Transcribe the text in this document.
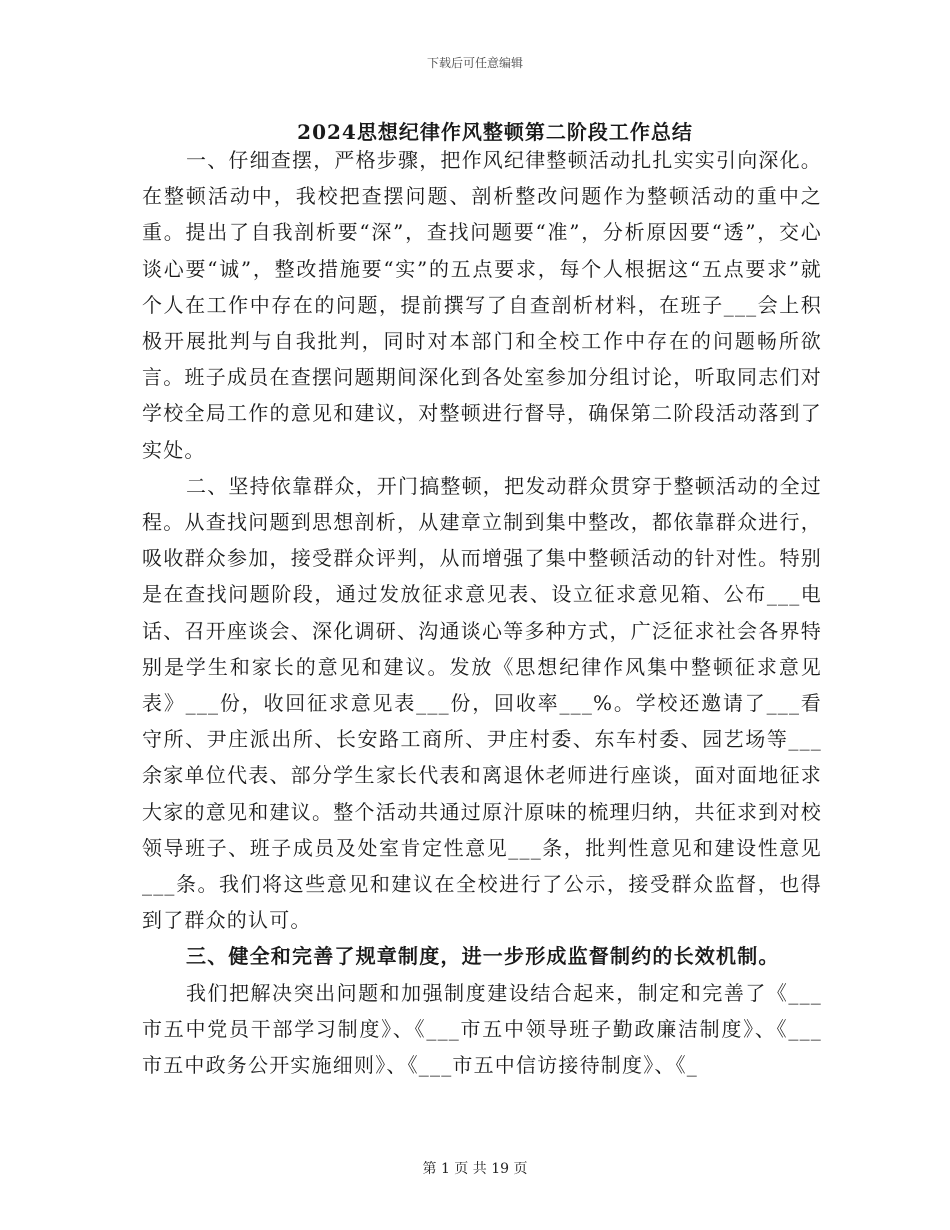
下载后可任意编辑
2024思想纪律作风整顿第二阶段工作总结

一、仔细查摆，严格步骤，把作风纪律整顿活动扎扎实实引向深化。在整顿活动中，我校把查摆问题、剖析整改问题作为整顿活动的重中之重。提出了自我剖析要“深”，查找问题要“准”，分析原因要“透”，交心谈心要“诚”，整改措施要“实”的五点要求，每个人根据这“五点要求”就个人在工作中存在的问题，提前撰写了自查剖析材料，在班子___会上积极开展批判与自我批判，同时对本部门和全校工作中存在的问题畅所欲言。班子成员在查摆问题期间深化到各处室参加分组讨论，听取同志们对学校全局工作的意见和建议，对整顿进行督导，确保第二阶段活动落到了实处。

二、坚持依靠群众，开门搞整顿，把发动群众贯穿于整顿活动的全过程。从查找问题到思想剖析，从建章立制到集中整改，都依靠群众进行，吸收群众参加，接受群众评判，从而增强了集中整顿活动的针对性。特别是在查找问题阶段，通过发放征求意见表、设立征求意见箱、公布___电话、召开座谈会、深化调研、沟通谈心等多种方式，广泛征求社会各界特别是学生和家长的意见和建议。发放《思想纪律作风集中整顿征求意见表》___份，收回征求意见表___份，回收率___%。学校还邀请了___看守所、尹庄派出所、长安路工商所、尹庄村委、东车村委、园艺场等___余家单位代表、部分学生家长代表和离退休老师进行座谈，面对面地征求大家的意见和建议。整个活动共通过原汁原味的梳理归纳，共征求到对校领导班子、班子成员及处室肯定性意见___条，批判性意见和建设性意见___条。我们将这些意见和建议在全校进行了公示，接受群众监督，也得到了群众的认可。

三、健全和完善了规章制度，进一步形成监督制约的长效机制。

我们把解决突出问题和加强制度建设结合起来，制定和完善了《___市五中党员干部学习制度》、《___市五中领导班子勤政廉洁制度》、《___市五中政务公开实施细则》、《___市五中信访接待制度》、《_

第 1 页 共 19 页
